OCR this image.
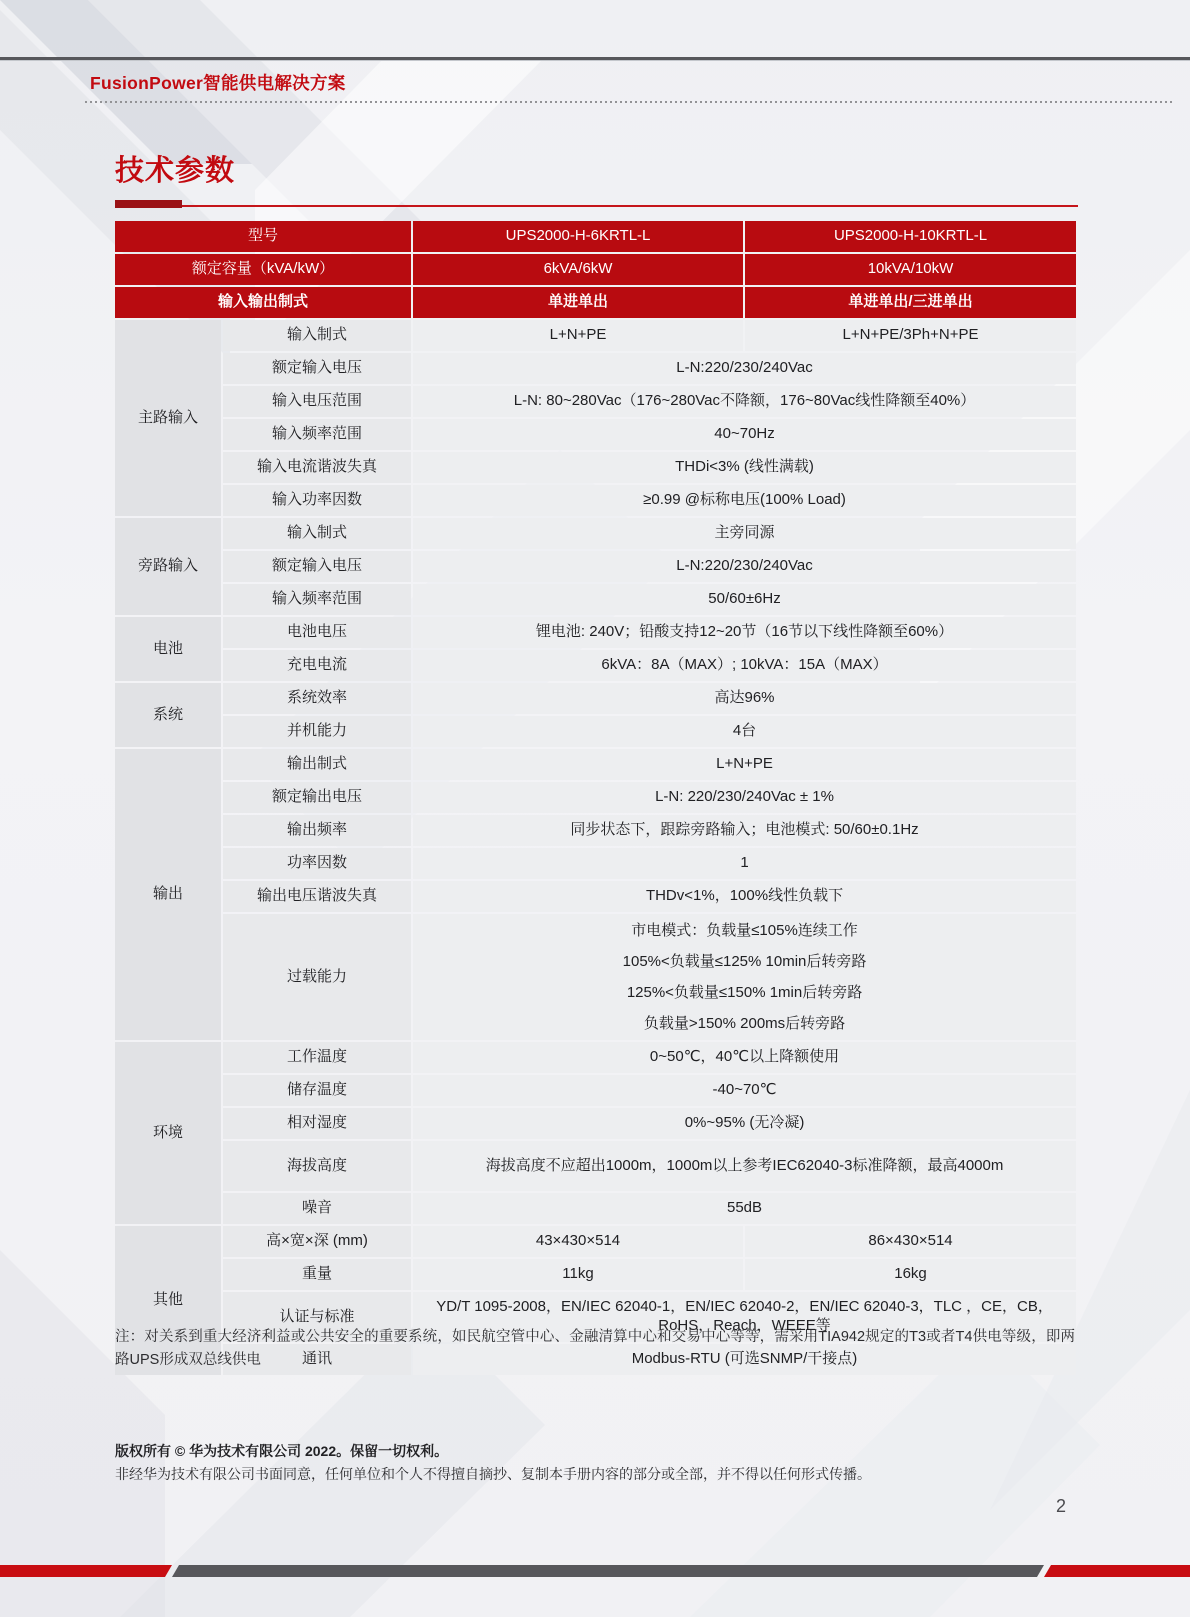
FusionPower智能供电解决方案
技术参数
型号		UPS2000-H-6KRTL-L	UPS2000-H-10KRTL-L
额定容量（kVA/kW）		6kVA/6kW	10kVA/10kW
输入输出制式		单进单出	单进单出/三进单出
主路输入	输入制式	L+N+PE	L+N+PE/3Ph+N+PE
	额定输入电压	L-N:220/230/240Vac	
	输入电压范围	L-N: 80~280Vac（176~280Vac不降额，176~80Vac线性降额至40%）	
	输入频率范围	40~70Hz	
	输入电流谐波失真	THDi<3% (线性满载)	
	输入功率因数	≥0.99 @标称电压(100% Load)	
旁路输入	输入制式	主旁同源	
	额定输入电压	L-N:220/230/240Vac	
	输入频率范围	50/60±6Hz	
电池	电池电压	锂电池: 240V；铅酸支持12~20节（16节以下线性降额至60%）	
	充电电流	6kVA：8A（MAX）; 10kVA：15A（MAX）	
系统	系统效率	高达96%	
	并机能力	4台	
输出	输出制式	L+N+PE	
	额定输出电压	L-N: 220/230/240Vac ± 1%	
	输出频率	同步状态下，跟踪旁路输入；电池模式: 50/60±0.1Hz	
	功率因数	1	
	输出电压谐波失真	THDv<1%，100%线性负载下	
	过载能力	市电模式：负载量≤105%连续工作
105%<负载量≤125% 10min后转旁路
125%<负载量≤150% 1min后转旁路
负载量>150% 200ms后转旁路	

环境	工作温度	0~50℃，40℃以上降额使用	
	储存温度	-40~70℃	
	相对湿度	0%~95% (无冷凝)	
	海拔高度	海拔高度不应超出1000m，1000m以上参考IEC62040-3标准降额，最高4000m	
	噪音	55dB	
其他	高×宽×深 (mm)	43×430×514	86×430×514
	重量	11kg	16kg
	认证与标准	YD/T 1095-2008，EN/IEC 62040-1，EN/IEC 62040-2，EN/IEC 62040-3，TLC ，CE，CB，RoHS，Reach，WEEE等	
	通讯	Modbus-RTU (可选SNMP/干接点)	
注：对关系到重大经济利益或公共安全的重要系统，如民航空管中心、金融清算中心和交易中心等等，需采用TIA942规定的T3或者T4供电等级，即两路UPS形成双总线供电
版权所有 © 华为技术有限公司 2022。保留一切权利。
非经华为技术有限公司书面同意，任何单位和个人不得擅自摘抄、复制本手册内容的部分或全部，并不得以任何形式传播。
2
